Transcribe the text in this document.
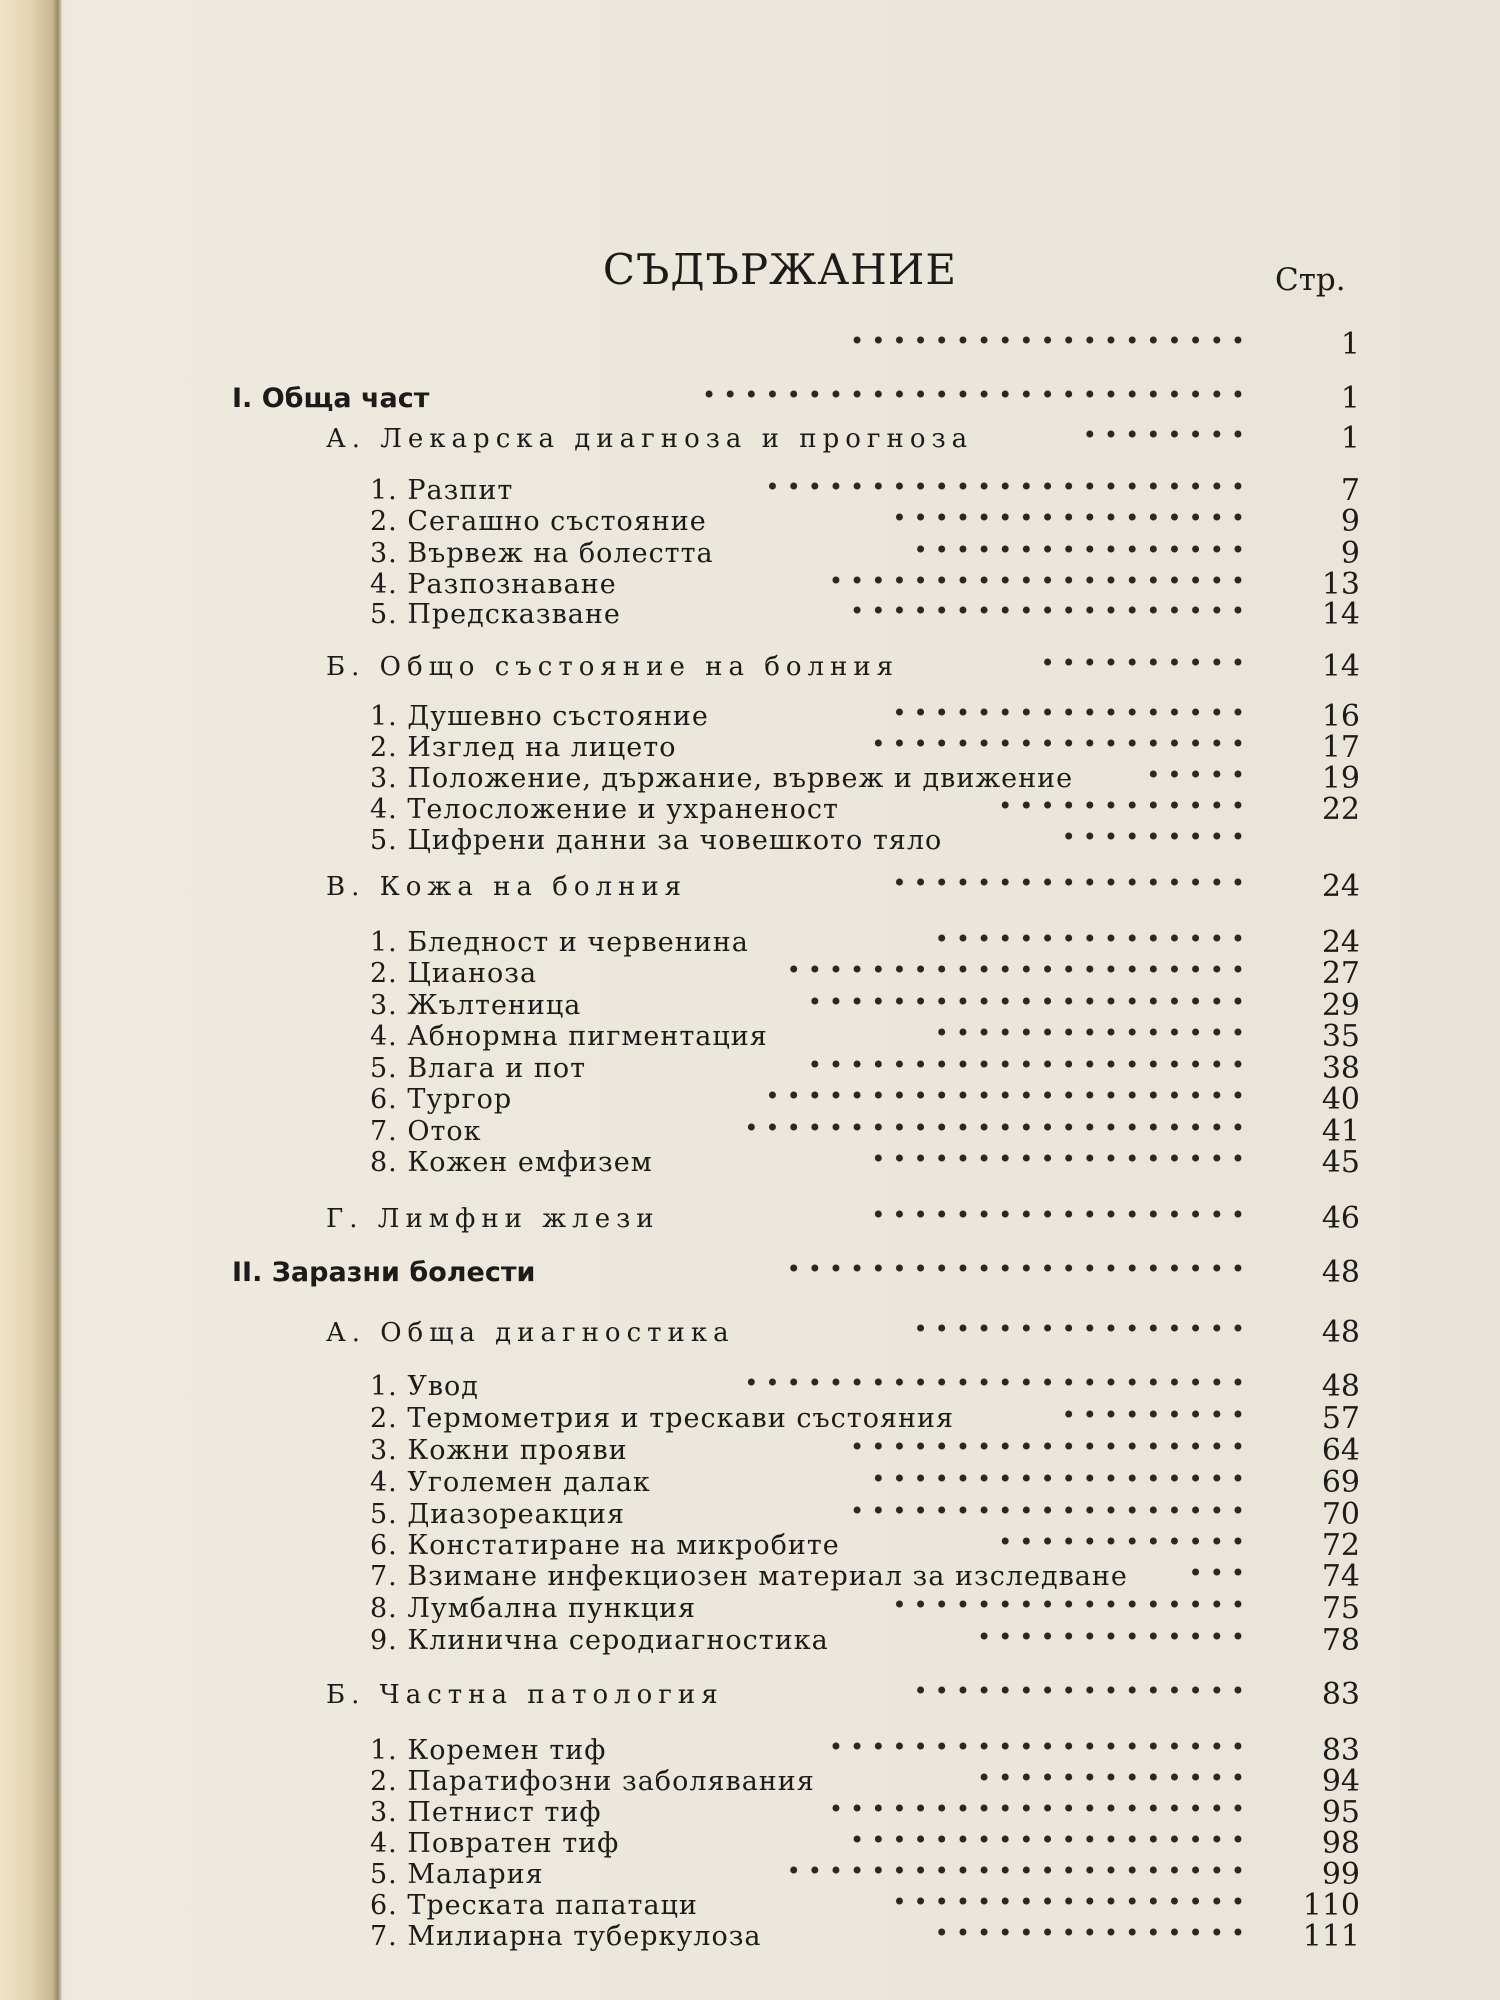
СЪДЪРЖАНИЕ	Стр.
•••••••••••••••••••	1
I. Обща част	••••••••••••••••••••••••••	1
А. Лекарска диагноза и прогноза	••••••••	1
1. Разпит	•••••••••••••••••••••••	7
2. Сегашно състояние	•••••••••••••••••	9
3. Вървеж на болестта	••••••••••••••••	9
4. Разпознаване	••••••••••••••••••••	13
5. Предсказване	•••••••••••••••••••	14
Б. Общо състояние на болния	••••••••••	14
1. Душевно състояние	•••••••••••••••••	16
2. Изглед на лицето	••••••••••••••••••	17
3. Положение, държание, вървеж и движение	•••••	19
4. Телосложение и ухраненост	••••••••••••	22
5. Цифрени данни за човешкото тяло	•••••••••
В. Кожа на болния	•••••••••••••••••	24
1. Бледност и червенина	•••••••••••••••	24
2. Цианоза	••••••••••••••••••••••	27
3. Жълтеница	•••••••••••••••••••••	29
4. Абнормна пигментация	•••••••••••••••	35
5. Влага и пот	•••••••••••••••••••••	38
6. Тургор	•••••••••••••••••••••••	40
7. Оток	••••••••••••••••••••••••	41
8. Кожен емфизем	••••••••••••••••••	45
Г. Лимфни жлези	••••••••••••••••••	46
II. Заразни болести	••••••••••••••••••••••	48
А. Обща диагностика	••••••••••••••••	48
1. Увод	••••••••••••••••••••••••	48
2. Термометрия и трескави състояния	•••••••••	57
3. Кожни прояви	•••••••••••••••••••	64
4. Уголемен далак	••••••••••••••••••	69
5. Диазореакция	•••••••••••••••••••	70
6. Констатиране на микробите	••••••••••••	72
7. Взимане инфекциозен материал за изследване	•••	74
8. Лумбална пункция	•••••••••••••••••	75
9. Клинична серодиагностика	•••••••••••••	78
Б. Частна патология	••••••••••••••••	83
1. Коремен тиф	••••••••••••••••••••	83
2. Паратифозни заболявания	•••••••••••••	94
3. Петнист тиф	••••••••••••••••••••	95
4. Повратен тиф	•••••••••••••••••••	98
5. Малария	••••••••••••••••••••••	99
6. Трескатa папатаци	•••••••••••••••••	110
7. Милиарна туберкулоза	•••••••••••••••	111
